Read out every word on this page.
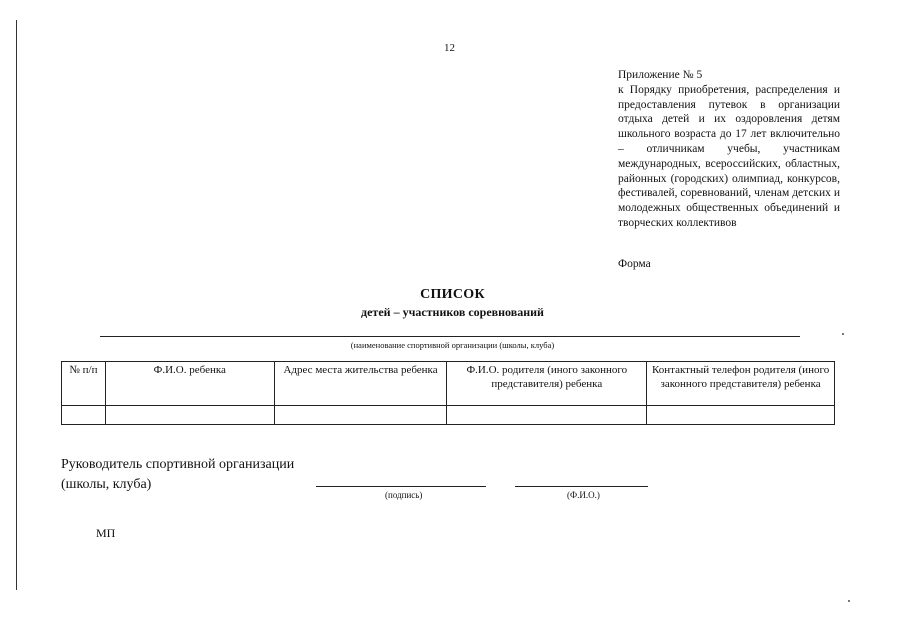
12
Приложение № 5
к Порядку приобретения, распределения и предоставления путевок в организации отдыха детей и их оздоровления детям школьного возраста до 17 лет включительно – отличникам учебы, участникам международных, всероссийских, областных, районных (городских) олимпиад, конкурсов, фестивалей, соревнований, членам детских и молодежных общественных объединений и творческих коллективов
Форма
СПИСОК
детей – участников соревнований
(наименование спортивной организации (школы, клуба)
№ п/п	Ф.И.О. ребенка	Адрес места жительства ребенка	Ф.И.О. родителя (иного законного представителя) ребенка	Контактный телефон родителя (иного законного представителя) ребенка

Руководитель спортивной организации
(школы, клуба)
(подпись)	(Ф.И.О.)
МП
